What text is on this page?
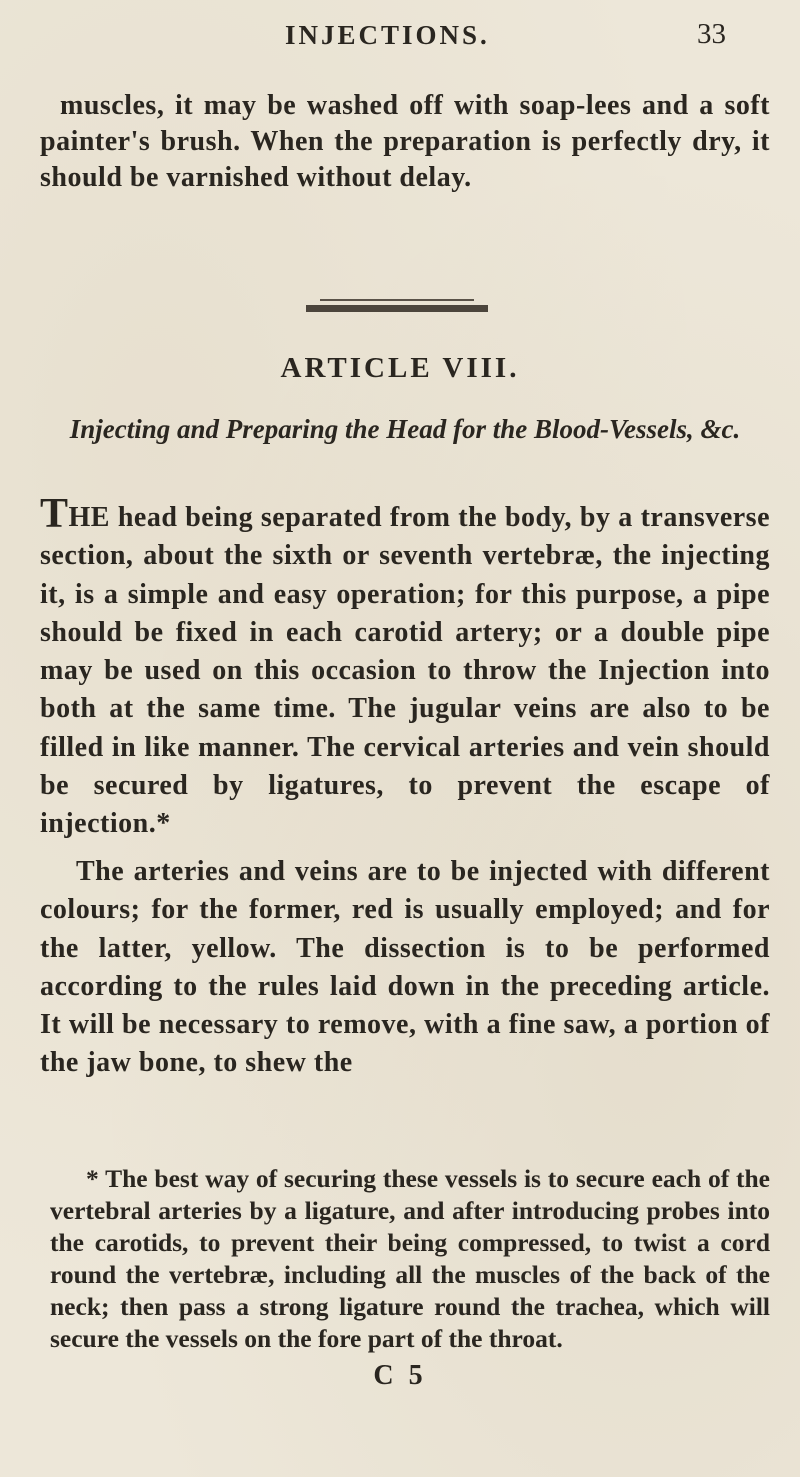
INJECTIONS.	33

muscles, it may be washed off with soap-lees and a soft painter's brush. When the preparation is perfectly dry, it should be varnished without delay.

ARTICLE VIII.
Injecting and Preparing the Head for the Blood-Vessels, &c.

THE head being separated from the body, by a transverse section, about the sixth or seventh vertebræ, the injecting it, is a simple and easy operation; for this purpose, a pipe should be fixed in each carotid artery; or a double pipe may be used on this occasion to throw the Injection into both at the same time. The jugular veins are also to be filled in like manner. The cervical arteries and vein should be secured by ligatures, to prevent the escape of injection.*

The arteries and veins are to be injected with different colours; for the former, red is usually employed; and for the latter, yellow. The dissection is to be performed according to the rules laid down in the preceding article. It will be necessary to remove, with a fine saw, a portion of the jaw bone, to shew the

* The best way of securing these vessels is to secure each of the vertebral arteries by a ligature, and after introducing probes into the carotids, to prevent their being compressed, to twist a cord round the vertebræ, including all the muscles of the back of the neck; then pass a strong ligature round the trachea, which will secure the vessels on the fore part of the throat.

C 5
